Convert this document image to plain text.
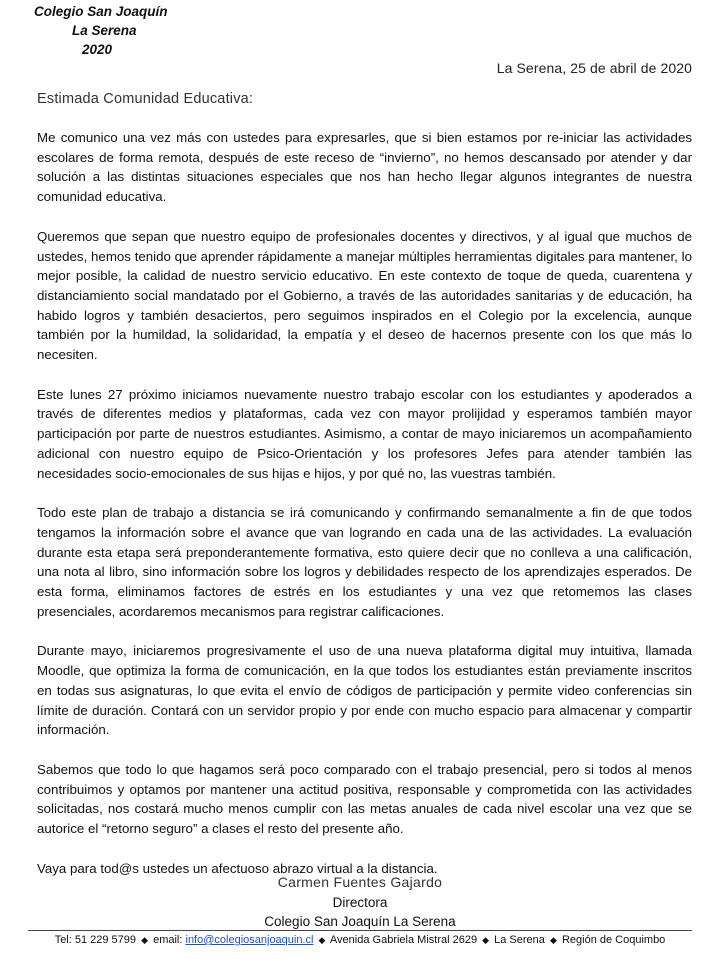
Colegio San Joaquín
La Serena
2020
La Serena, 25 de abril de 2020
Estimada Comunidad Educativa:

Me comunico una vez más con ustedes para expresarles, que si bien estamos por re-iniciar las actividades escolares de forma remota, después de este receso de “invierno”, no hemos descansado por atender y dar solución a las distintas situaciones especiales que nos han hecho llegar algunos integrantes de nuestra comunidad educativa.

Queremos que sepan que nuestro equipo de profesionales docentes y directivos, y al igual que muchos de ustedes, hemos tenido que aprender rápidamente a manejar múltiples herramientas digitales para mantener, lo mejor posible, la calidad de nuestro servicio educativo. En este contexto de toque de queda, cuarentena y distanciamiento social mandatado por el Gobierno, a través de las autoridades sanitarias y de educación, ha habido logros y también desaciertos, pero seguimos inspirados en el Colegio por la excelencia, aunque también por la humildad, la solidaridad, la empatía y el deseo de hacernos presente con los que más lo necesiten.

Este lunes 27 próximo iniciamos nuevamente nuestro trabajo escolar con los estudiantes y apoderados a través de diferentes medios y plataformas, cada vez con mayor prolijidad y esperamos también mayor participación por parte de nuestros estudiantes. Asimismo, a contar de mayo iniciaremos un acompañamiento adicional con nuestro equipo de Psico-Orientación y los profesores Jefes para atender también las necesidades socio-emocionales de sus hijas e hijos, y por qué no, las vuestras también.

Todo este plan de trabajo a distancia se irá comunicando y confirmando semanalmente a fin de que todos tengamos la información sobre el avance que van logrando en cada una de las actividades. La evaluación durante esta etapa será preponderantemente formativa, esto quiere decir que no conlleva a una calificación, una nota al libro, sino información sobre los logros y debilidades respecto de los aprendizajes esperados. De esta forma, eliminamos factores de estrés en los estudiantes y una vez que retomemos las clases presenciales, acordaremos mecanismos para registrar calificaciones.

Durante mayo, iniciaremos progresivamente el uso de una nueva plataforma digital muy intuitiva, llamada Moodle, que optimiza la forma de comunicación, en la que todos los estudiantes están previamente inscritos en todas sus asignaturas, lo que evita el envío de códigos de participación y permite video conferencias sin límite de duración. Contará con un servidor propio y por ende con mucho espacio para almacenar y compartir información.

Sabemos que todo lo que hagamos será poco comparado con el trabajo presencial, pero si todos al menos contribuimos y optamos por mantener una actitud positiva, responsable y comprometida con las actividades solicitadas, nos costará mucho menos cumplir con las metas anuales de cada nivel escolar una vez que se autorice el “retorno seguro” a clases el resto del presente año.

Vaya para tod@s ustedes un afectuoso abrazo virtual a la distancia.

Carmen Fuentes Gajardo
Directora
Colegio San Joaquín La Serena
Tel: 51 229 5799 ◆ email: info@colegiosanjoaquin.cl ◆ Avenida Gabriela Mistral 2629 ◆ La Serena ◆ Región de Coquimbo
